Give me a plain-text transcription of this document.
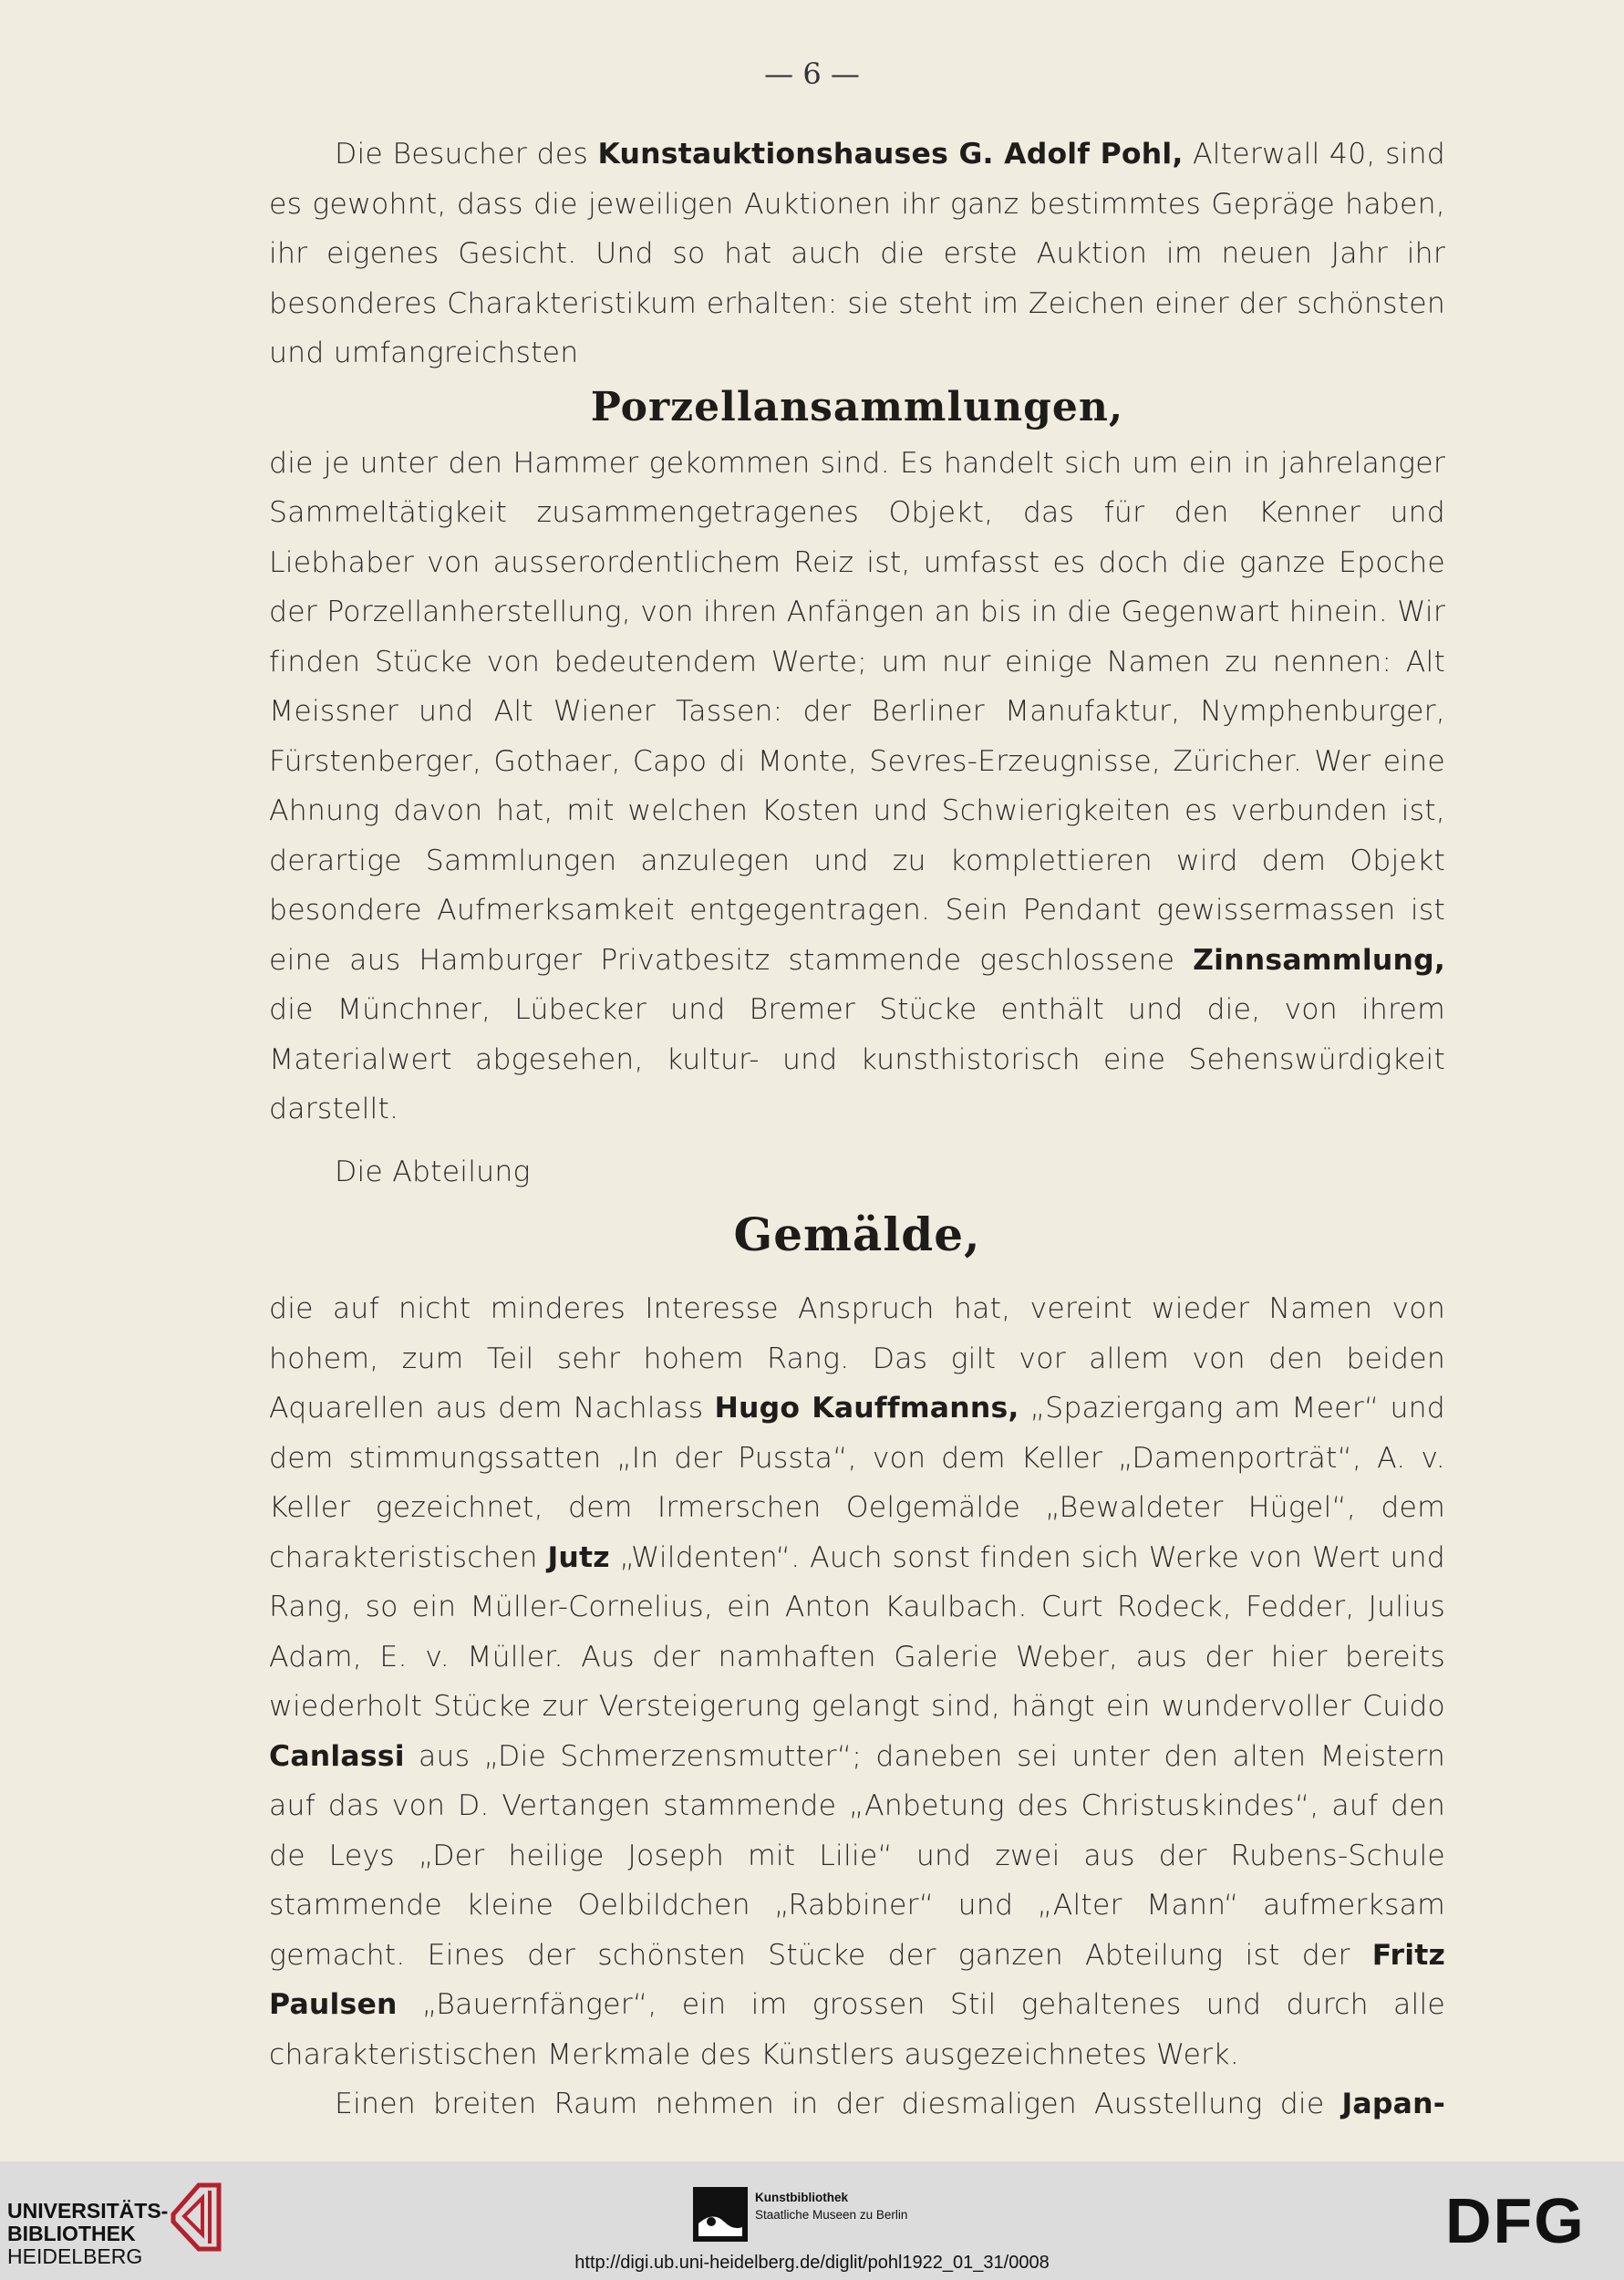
— 6 —

Die Besucher des Kunstauktionshauses G. Adolf Pohl, Alterwall 40, sind es gewohnt, dass die jeweiligen Auktionen ihr ganz bestimmtes Gepräge haben, ihr eigenes Gesicht. Und so hat auch die erste Auktion im neuen Jahr ihr besonderes Charakteristikum erhalten: sie steht im Zeichen einer der schönsten und umfangreichsten

Porzellansammlungen,

die je unter den Hammer gekommen sind. Es handelt sich um ein in jahrelanger Sammeltätigkeit zusammengetragenes Objekt, das für den Kenner und Liebhaber von ausserordentlichem Reiz ist, umfasst es doch die ganze Epoche der Porzellanherstellung, von ihren Anfängen an bis in die Gegenwart hinein. Wir finden Stücke von bedeutendem Werte; um nur einige Namen zu nennen: Alt Meissner und Alt Wiener Tassen: der Berliner Manufaktur, Nymphenburger, Fürstenberger, Gothaer, Capo di Monte, Sevres-Erzeugnisse, Züricher. Wer eine Ahnung davon hat, mit welchen Kosten und Schwierigkeiten es verbunden ist, derartige Sammlungen anzulegen und zu komplettieren wird dem Objekt besondere Aufmerksamkeit entgegentragen. Sein Pendant gewissermassen ist eine aus Hamburger Privatbesitz stammende geschlossene Zinnsammlung, die Münchner, Lübecker und Bremer Stücke enthält und die, von ihrem Materialwert abgesehen, kultur- und kunsthistorisch eine Sehenswürdigkeit darstellt.

Die Abteilung

Gemälde,

die auf nicht minderes Interesse Anspruch hat, vereint wieder Namen von hohem, zum Teil sehr hohem Rang. Das gilt vor allem von den beiden Aquarellen aus dem Nachlass Hugo Kauffmanns, „Spaziergang am Meer“ und dem stimmungssatten „In der Pussta“, von dem Keller „Damenporträt“, A. v. Keller gezeichnet, dem Irmerschen Oelgemälde „Bewaldeter Hügel“, dem charakteristischen Jutz „Wildenten“. Auch sonst finden sich Werke von Wert und Rang, so ein Müller-Cornelius, ein Anton Kaulbach. Curt Rodeck, Fedder, Julius Adam, E. v. Müller. Aus der namhaften Galerie Weber, aus der hier bereits wiederholt Stücke zur Versteigerung gelangt sind, hängt ein wundervoller Cuido Canlassi aus „Die Schmerzensmutter“; daneben sei unter den alten Meistern auf das von D. Vertangen stammende „Anbetung des Christuskindes“, auf den de Leys „Der heilige Joseph mit Lilie“ und zwei aus der Rubens-Schule stammende kleine Oelbildchen „Rabbiner“ und „Alter Mann“ aufmerksam gemacht. Eines der schönsten Stücke der ganzen Abteilung ist der Fritz Paulsen „Bauernfänger“, ein im grossen Stil gehaltenes und durch alle charakteristischen Merkmale des Künstlers ausgezeichnetes Werk.

Einen breiten Raum nehmen in der diesmaligen Ausstellung die Japan-

UNIVERSITÄTS-
BIBLIOTHEK
HEIDELBERG
Kunstbibliothek
Staatliche Museen zu Berlin	DFG
http://digi.ub.uni-heidelberg.de/diglit/pohl1922_01_31/0008
